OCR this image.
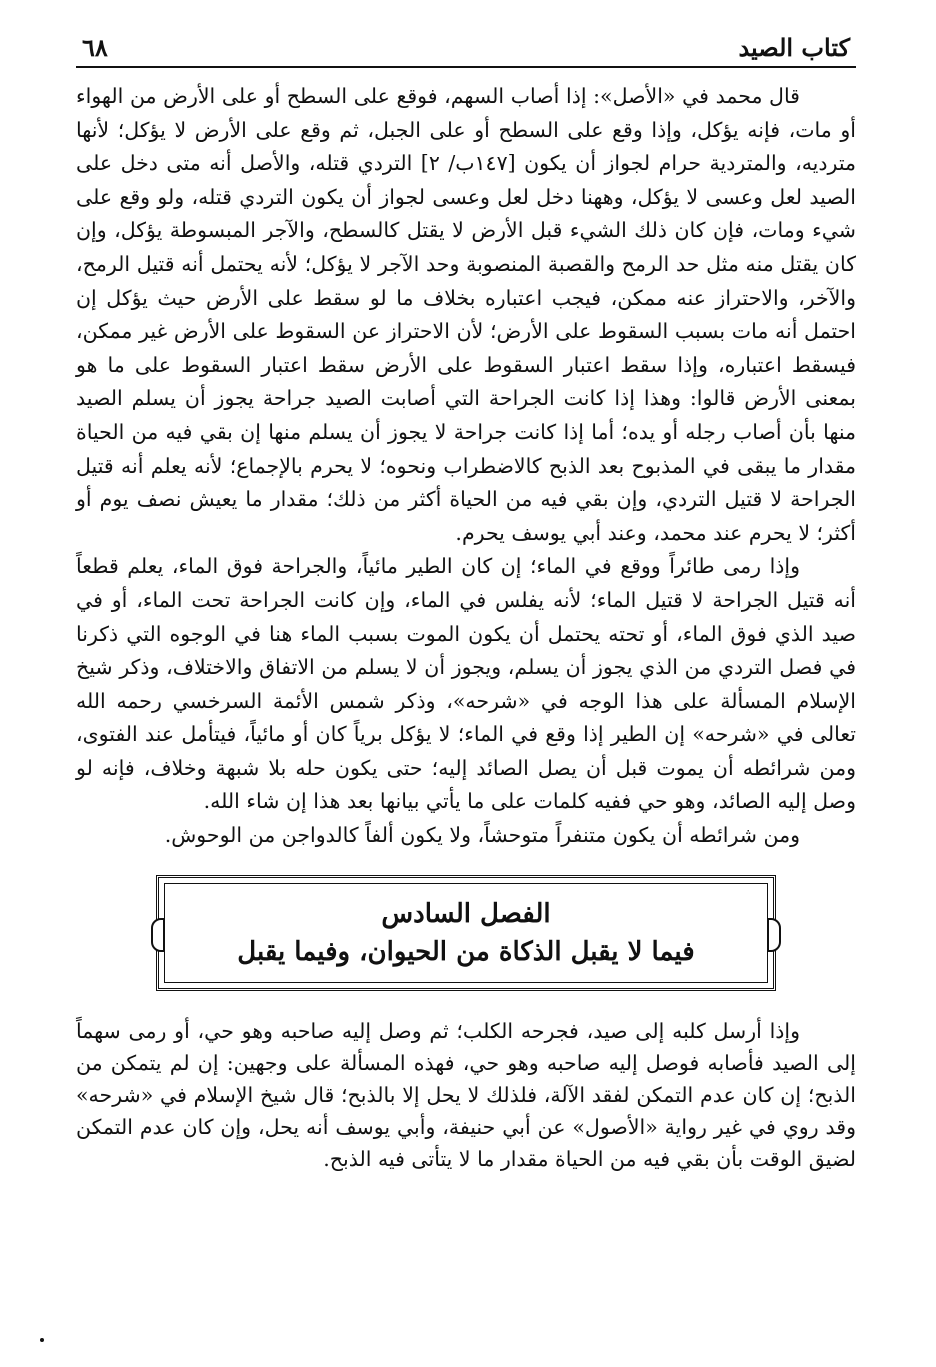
كتاب الصيد
٦٨

قال محمد في «الأصل»: إذا أصاب السهم، فوقع على السطح أو على الأرض من الهواء أو مات، فإنه يؤكل، وإذا وقع على السطح أو على الجبل، ثم وقع على الأرض لا يؤكل؛ لأنها مترديه، والمتردية حرام لجواز أن يكون [١٤٧ب/ ٢] التردي قتله، والأصل أنه متى دخل على الصيد لعل وعسى لا يؤكل، وههنا دخل لعل وعسى لجواز أن يكون التردي قتله، ولو وقع على شيء ومات، فإن كان ذلك الشيء قبل الأرض لا يقتل كالسطح، والآجر المبسوطة يؤكل، وإن كان يقتل منه مثل حد الرمح والقصبة المنصوبة وحد الآجر لا يؤكل؛ لأنه يحتمل أنه قتيل الرمح، والآخر، والاحتراز عنه ممكن، فيجب اعتباره بخلاف ما لو سقط على الأرض حيث يؤكل إن احتمل أنه مات بسبب السقوط على الأرض؛ لأن الاحتراز عن السقوط على الأرض غير ممكن، فيسقط اعتباره، وإذا سقط اعتبار السقوط على الأرض سقط اعتبار السقوط على ما هو بمعنى الأرض قالوا: وهذا إذا كانت الجراحة التي أصابت الصيد جراحة يجوز أن يسلم الصيد منها بأن أصاب رجله أو يده؛ أما إذا كانت جراحة لا يجوز أن يسلم منها إن بقي فيه من الحياة مقدار ما يبقى في المذبوح بعد الذبح كالاضطراب ونحوه؛ لا يحرم بالإجماع؛ لأنه يعلم أنه قتيل الجراحة لا قتيل التردي، وإن بقي فيه من الحياة أكثر من ذلك؛ مقدار ما يعيش نصف يوم أو أكثر؛ لا يحرم عند محمد، وعند أبي يوسف يحرم.

وإذا رمى طائراً ووقع في الماء؛ إن كان الطير مائياً، والجراحة فوق الماء، يعلم قطعاً أنه قتيل الجراحة لا قتيل الماء؛ لأنه يفلس في الماء، وإن كانت الجراحة تحت الماء، أو في صيد الذي فوق الماء، أو تحته يحتمل أن يكون الموت بسبب الماء هنا في الوجوه التي ذكرنا في فصل التردي من الذي يجوز أن يسلم، ويجوز أن لا يسلم من الاتفاق والاختلاف، وذكر شيخ الإسلام المسألة على هذا الوجه في «شرحه»، وذكر شمس الأئمة السرخسي رحمه الله تعالى في «شرحه» إن الطير إذا وقع في الماء؛ لا يؤكل برياً كان أو مائياً، فيتأمل عند الفتوى، ومن شرائطه أن يموت قبل أن يصل الصائد إليه؛ حتى يكون حله بلا شبهة وخلاف، فإنه لو وصل إليه الصائد، وهو حي ففيه كلمات على ما يأتي بيانها بعد هذا إن شاء الله.

ومن شرائطه أن يكون متنفراً متوحشاً، ولا يكون ألفاً كالدواجن من الوحوش.

الفصل السادس
فيما لا يقبل الذكاة من الحيوان، وفيما يقبل

وإذا أرسل كلبه إلى صيد، فجرحه الكلب؛ ثم وصل إليه صاحبه وهو حي، أو رمى سهماً إلى الصيد فأصابه فوصل إليه صاحبه وهو حي، فهذه المسألة على وجهين: إن لم يتمكن من الذبح؛ إن كان عدم التمكن لفقد الآلة، فلذلك لا يحل إلا بالذبح؛ قال شيخ الإسلام في «شرحه» وقد روي في غير رواية «الأصول» عن أبي حنيفة، وأبي يوسف أنه يحل، وإن كان عدم التمكن لضيق الوقت بأن بقي فيه من الحياة مقدار ما لا يتأتى فيه الذبح.
